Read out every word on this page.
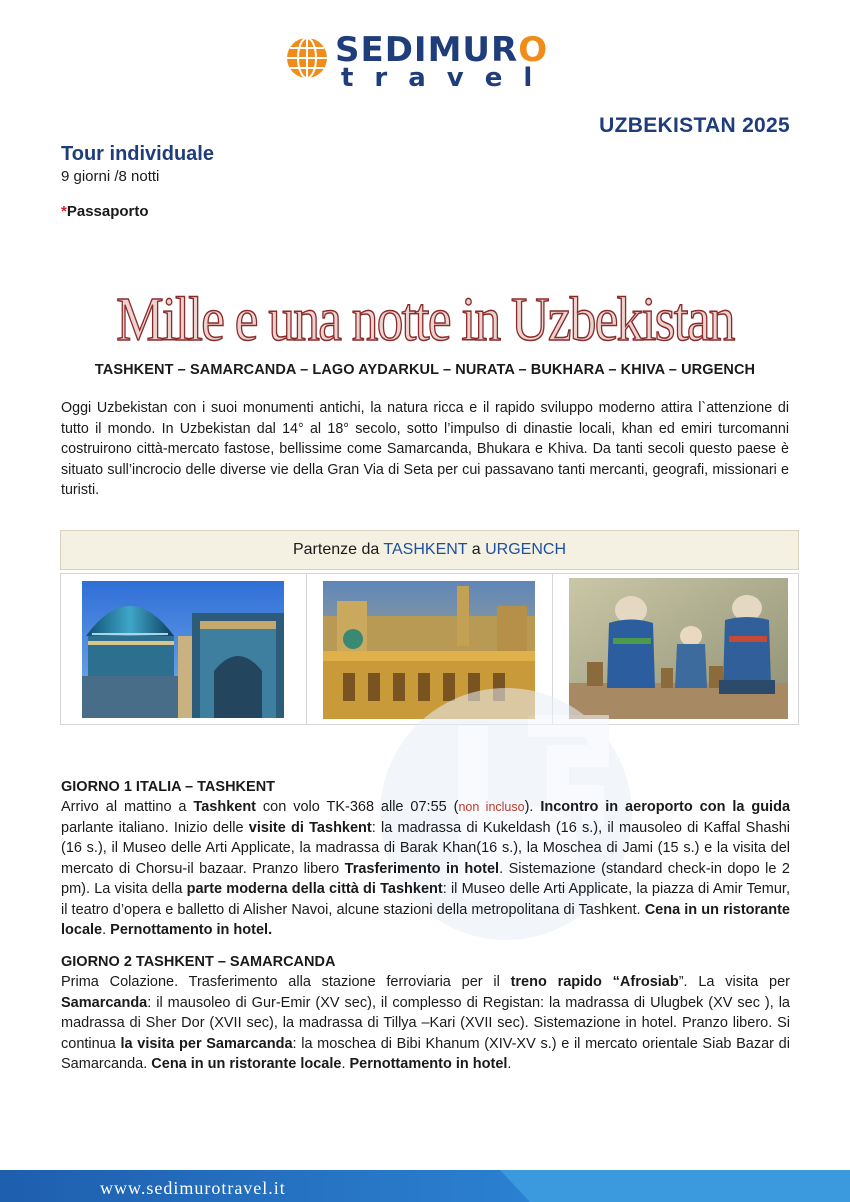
SEDIMURO
travel
UZBEKISTAN 2025
Tour individuale
9 giorni /8 notti
*Passaporto
Mille e una notte in Uzbekistan
TASHKENT – SAMARCANDA – LAGO AYDARKUL – NURATA – BUKHARA – KHIVA – URGENCH
Oggi Uzbekistan con i suoi monumenti antichi, la natura ricca e il rapido sviluppo moderno attira l`attenzione di tutto il mondo. In Uzbekistan dal 14° al 18° secolo, sotto l’impulso di dinastie locali, khan ed emiri turcomanni costruirono città-mercato fastose, bellissime come Samarcanda, Bhukara e Khiva. Da tanti secoli questo paese è situato sull’incrocio delle diverse vie della Gran Via di Seta per cui passavano tanti mercanti, geografi, missionari e turisti.
Partenze da TASHKENT a URGENCH
GIORNO 1 ITALIA – TASHKENT
Arrivo al mattino a Tashkent con volo TK-368 alle 07:55 (non incluso). Incontro in aeroporto con la guida parlante italiano. Inizio delle visite di Tashkent: la madrassa di Kukeldash (16 s.), il mausoleo di Kaffal Shashi (16 s.), il Museo delle Arti Applicate, la madrassa di Barak Khan(16 s.), la Moschea di Jami (15 s.) e la visita del mercato di Chorsu-il bazaar. Pranzo libero Trasferimento in hotel. Sistemazione (standard check-in dopo le 2 pm). La visita della parte moderna della città di Tashkent: il Museo delle Arti Applicate, la piazza di Amir Temur, il teatro d’opera e balletto di Alisher Navoi, alcune stazioni della metropolitana di Tashkent. Cena in un ristorante locale. Pernottamento in hotel.
GIORNO 2 TASHKENT – SAMARCANDA
Prima Colazione. Trasferimento alla stazione ferroviaria per il treno rapido “Afrosiab”. La visita per Samarcanda: il mausoleo di Gur-Emir (XV sec), il complesso di Registan: la madrassa di Ulugbek (XV sec ), la madrassa di Sher Dor (XVII sec), la madrassa di Tillya –Kari (XVII sec). Sistemazione in hotel. Pranzo libero. Si continua la visita per Samarcanda: la moschea di Bibi Khanum (XIV-XV s.) e il mercato orientale Siab Bazar di Samarcanda. Cena in un ristorante locale. Pernottamento in hotel.
www.sedimurotravel.it
